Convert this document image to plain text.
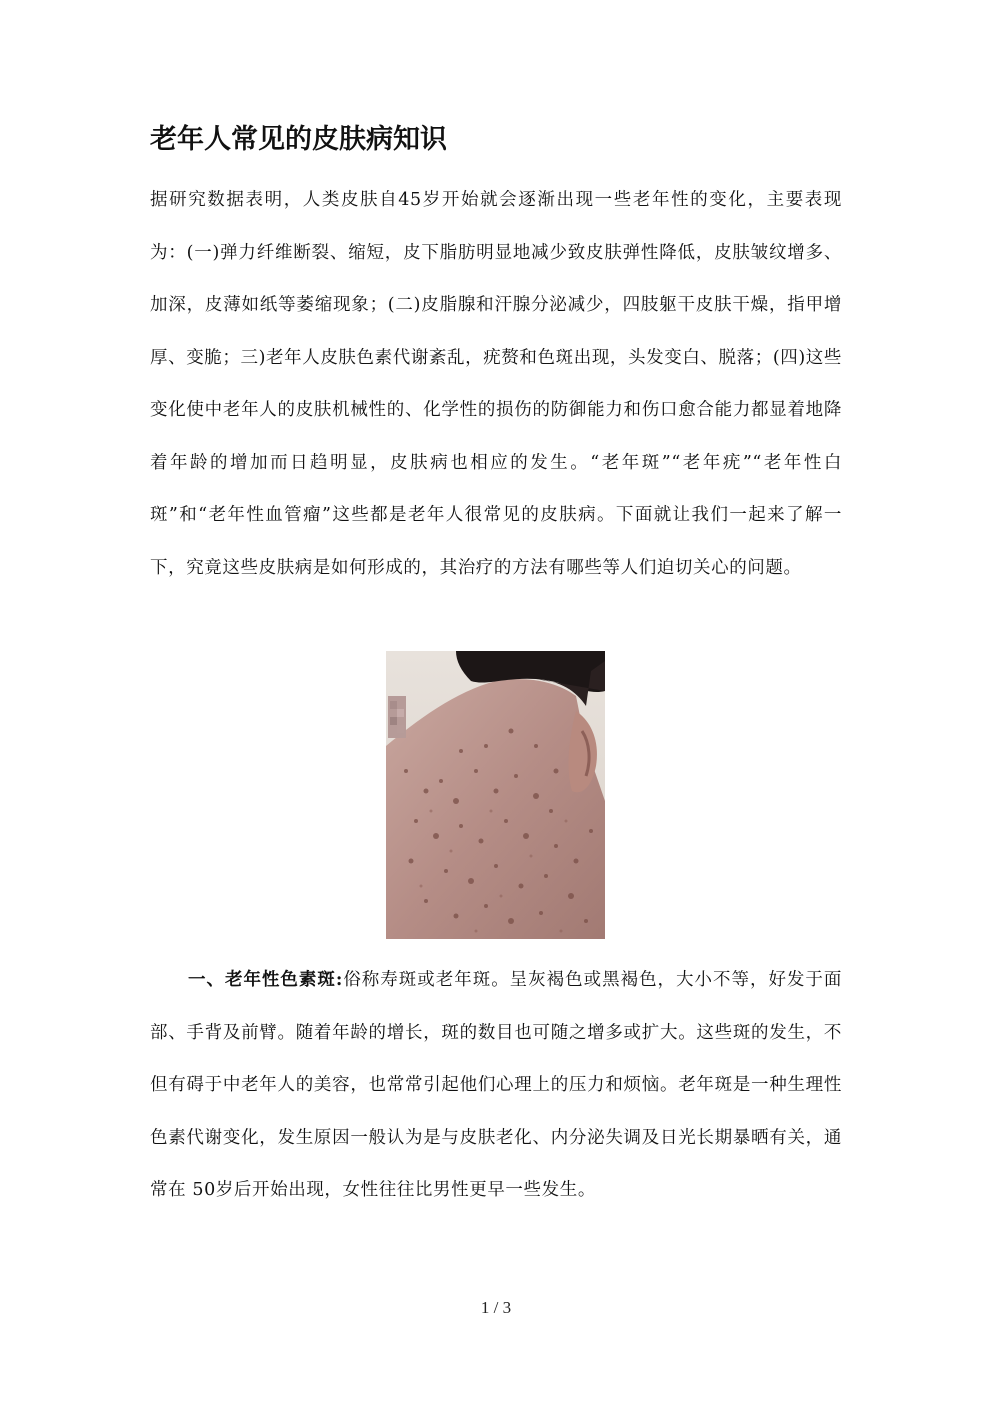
老年人常见的皮肤病知识

据研究数据表明，人类皮肤自45岁开始就会逐渐出现一些老年性的变化，主要表现为：(一)弹力纤维断裂、缩短，皮下脂肪明显地减少致皮肤弹性降低，皮肤皱纹增多、加深，皮薄如纸等萎缩现象；(二)皮脂腺和汗腺分泌减少，四肢躯干皮肤干燥，指甲增厚、变脆；三)老年人皮肤色素代谢紊乱，疣赘和色斑出现，头发变白、脱落；(四)这些变化使中老年人的皮肤机械性的、化学性的损伤的防御能力和伤口愈合能力都显着地降着年龄的增加而日趋明显，皮肤病也相应的发生。“老年斑”“老年疣”“老年性白斑”和“老年性血管瘤”这些都是老年人很常见的皮肤病。下面就让我们一起来了解一下，究竟这些皮肤病是如何形成的，其治疗的方法有哪些等人们迫切关心的问题。

一、老年性色素斑:俗称寿斑或老年斑。呈灰褐色或黑褐色，大小不等，好发于面部、手背及前臂。随着年龄的增长，斑的数目也可随之增多或扩大。这些斑的发生，不但有碍于中老年人的美容，也常常引起他们心理上的压力和烦恼。老年斑是一种生理性色素代谢变化，发生原因一般认为是与皮肤老化、内分泌失调及日光长期暴晒有关，通常在 50岁后开始出现，女性往往比男性更早一些发生。

1 / 3
